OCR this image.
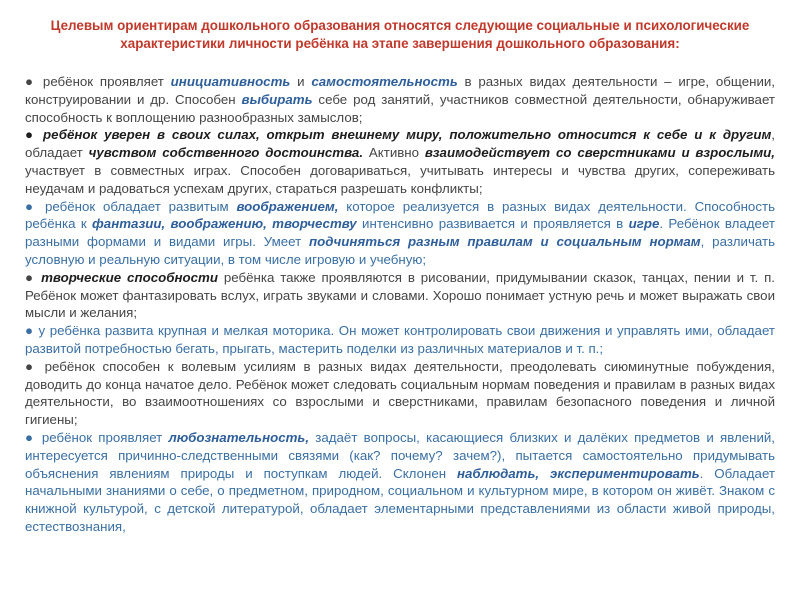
Целевым ориентирам дошкольного образования относятся следующие социальные и психологические характеристики личности ребёнка на этапе завершения дошкольного образования:

● ребёнок проявляет инициативность и самостоятельность в разных видах деятельности – игре, общении, конструировании и др. Способен выбирать себе род занятий, участников совместной деятельности, обнаруживает способность к воплощению разнообразных замыслов;

● ребёнок уверен в своих силах, открыт внешнему миру, положительно относится к себе и к другим, обладает чувством собственного достоинства. Активно взаимодействует со сверстниками и взрослыми, участвует в совместных играх. Способен договариваться, учитывать интересы и чувства других, сопереживать неудачам и радоваться успехам других, стараться разрешать конфликты;

● ребёнок обладает развитым воображением, которое реализуется в разных видах деятельности. Способность ребёнка к фантазии, воображению, творчеству интенсивно развивается и проявляется в игре. Ребёнок владеет разными формами и видами игры. Умеет подчиняться разным правилам и социальным нормам, различать условную и реальную ситуации, в том числе игровую и учебную;

● творческие способности ребёнка также проявляются в рисовании, придумывании сказок, танцах, пении и т. п. Ребёнок может фантазировать вслух, играть звуками и словами. Хорошо понимает устную речь и может выражать свои мысли и желания;

● у ребёнка развита крупная и мелкая моторика. Он может контролировать свои движения и управлять ими, обладает развитой потребностью бегать, прыгать, мастерить поделки из различных материалов и т. п.;

● ребёнок способен к волевым усилиям в разных видах деятельности, преодолевать сиюминутные побуждения, доводить до конца начатое дело. Ребёнок может следовать социальным нормам поведения и правилам в разных видах деятельности, во взаимоотношениях со взрослыми и сверстниками, правилам безопасного поведения и личной гигиены;

● ребёнок проявляет любознательность, задаёт вопросы, касающиеся близких и далёких предметов и явлений, интересуется причинно-следственными связями (как? почему? зачем?), пытается самостоятельно придумывать объяснения явлениям природы и поступкам людей. Склонен наблюдать, экспериментировать. Обладает начальными знаниями о себе, о предметном, природном, социальном и культурном мире, в котором он живёт. Знаком с книжной культурой, с детской литературой, обладает элементарными представлениями из области живой природы, естествознания,
